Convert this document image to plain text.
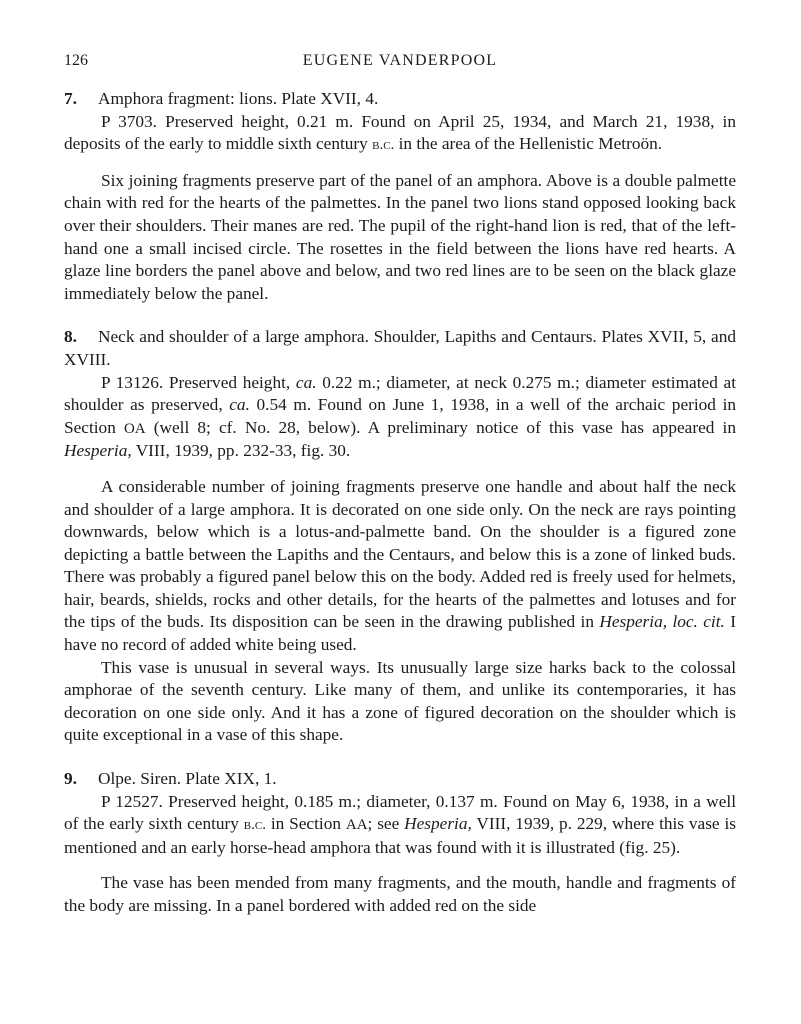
126	EUGENE VANDERPOOL

7. Amphora fragment: lions. Plate XVII, 4.

P 3703. Preserved height, 0.21 m. Found on April 25, 1934, and March 21, 1938, in deposits of the early to middle sixth century b.c. in the area of the Hellenistic Metroön.

Six joining fragments preserve part of the panel of an amphora. Above is a double palmette chain with red for the hearts of the palmettes. In the panel two lions stand opposed looking back over their shoulders. Their manes are red. The pupil of the right-hand lion is red, that of the left-hand one a small incised circle. The rosettes in the field between the lions have red hearts. A glaze line borders the panel above and below, and two red lines are to be seen on the black glaze immediately below the panel.

8. Neck and shoulder of a large amphora. Shoulder, Lapiths and Centaurs. Plates XVII, 5, and XVIII.

P 13126. Preserved height, ca. 0.22 m.; diameter, at neck 0.275 m.; diameter estimated at shoulder as preserved, ca. 0.54 m. Found on June 1, 1938, in a well of the archaic period in Section OA (well 8; cf. No. 28, below). A preliminary notice of this vase has appeared in Hesperia, VIII, 1939, pp. 232-33, fig. 30.

A considerable number of joining fragments preserve one handle and about half the neck and shoulder of a large amphora. It is decorated on one side only. On the neck are rays pointing downwards, below which is a lotus-and-palmette band. On the shoulder is a figured zone depicting a battle between the Lapiths and the Centaurs, and below this is a zone of linked buds. There was probably a figured panel below this on the body. Added red is freely used for helmets, hair, beards, shields, rocks and other details, for the hearts of the palmettes and lotuses and for the tips of the buds. Its disposition can be seen in the drawing published in Hesperia, loc. cit. I have no record of added white being used.

This vase is unusual in several ways. Its unusually large size harks back to the colossal amphorae of the seventh century. Like many of them, and unlike its contemporaries, it has decoration on one side only. And it has a zone of figured decoration on the shoulder which is quite exceptional in a vase of this shape.

9. Olpe. Siren. Plate XIX, 1.

P 12527. Preserved height, 0.185 m.; diameter, 0.137 m. Found on May 6, 1938, in a well of the early sixth century b.c. in Section AA; see Hesperia, VIII, 1939, p. 229, where this vase is mentioned and an early horse-head amphora that was found with it is illustrated (fig. 25).

The vase has been mended from many fragments, and the mouth, handle and fragments of the body are missing. In a panel bordered with added red on the side
